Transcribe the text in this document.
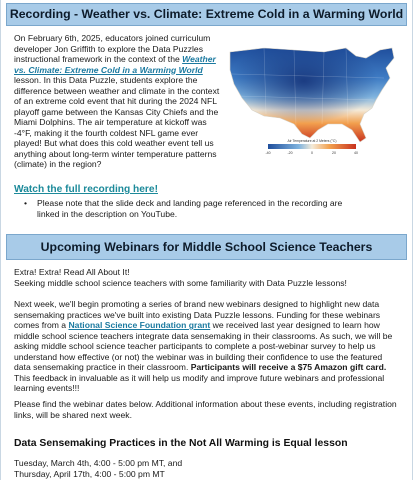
Recording - Weather vs. Climate: Extreme Cold in a Warming World
On February 6th, 2025, educators joined curriculum developer Jon Griffith to explore the Data Puzzles instructional framework in the context of the Weather vs. Climate: Extreme Cold in a Warming World lesson. In this Data Puzzle, students explore the difference between weather and climate in the context of an extreme cold event that hit during the 2024 NFL playoff game between the Kansas City Chiefs and the Miami Dolphins. The air temperature at kickoff was -4°F, making it the fourth coldest NFL game ever played! But what does this cold weather event tell us anything about long-term winter temperature patterns (climate) in the region?
-40	-20	0	20	40
Air Temperature at 2 Meters (°C)
Watch the full recording here!
• Please note that the slide deck and landing page referenced in the recording are linked in the description on YouTube.
Upcoming Webinars for Middle School Science Teachers
Extra! Extra! Read All About It!
Seeking middle school science teachers with some familiarity with Data Puzzle lessons!
Next week, we'll begin promoting a series of brand new webinars designed to highlight new data sensemaking practices we've built into existing Data Puzzle lessons. Funding for these webinars comes from a National Science Foundation grant we received last year designed to learn how middle school science teachers integrate data sensemaking in their classrooms. As such, we will be asking middle school science teacher participants to complete a post-webinar survey to help us understand how effective (or not) the webinar was in building their confidence to use the featured data sensemaking practice in their classroom. Participants will receive a $75 Amazon gift card. This feedback in invaluable as it will help us modify and improve future webinars and professional learning events!!!
Please find the webinar dates below. Additional information about these events, including registration links, will be shared next week.
Data Sensemaking Practices in the Not All Warming is Equal lesson
Tuesday, March 4th, 4:00 - 5:00 pm MT, and
Thursday, April 17th, 4:00 - 5:00 pm MT
